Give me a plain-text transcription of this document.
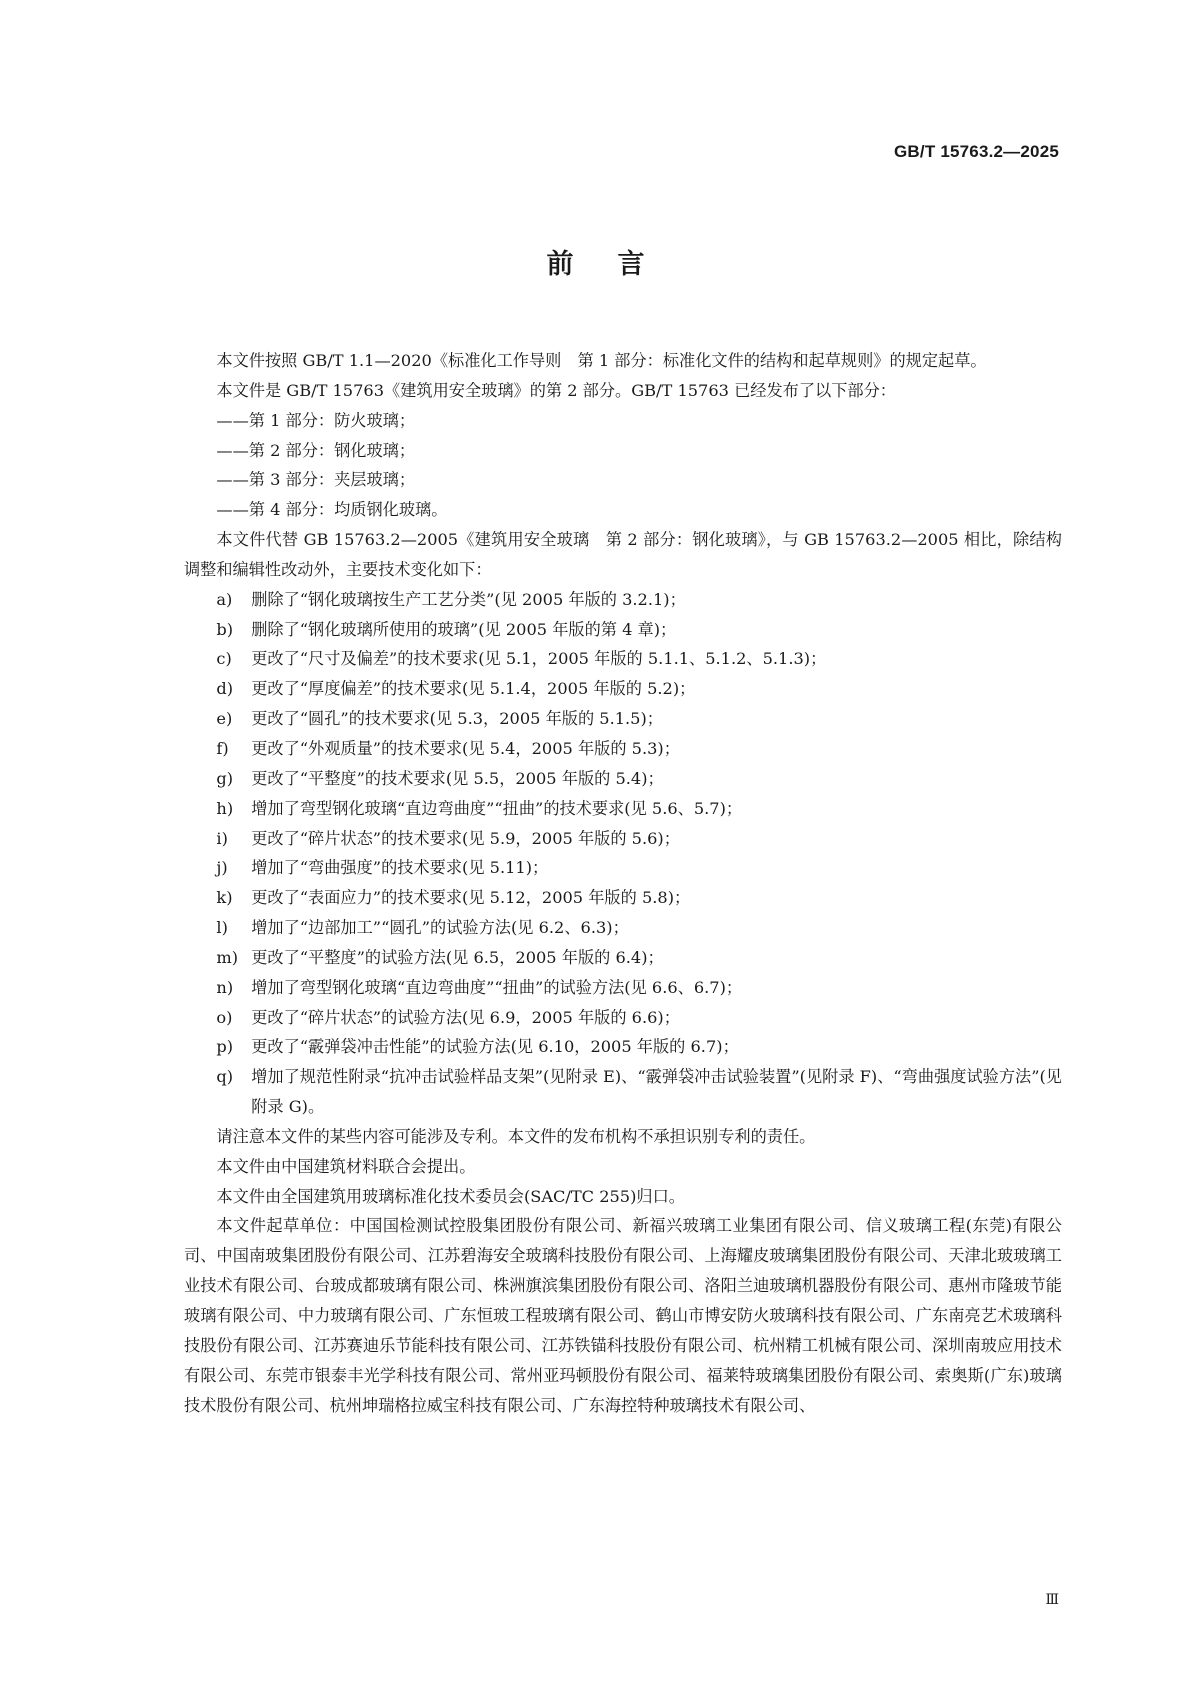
GB/T 15763.2—2025
前言

本文件按照 GB/T 1.1—2020《标准化工作导则　第 1 部分：标准化文件的结构和起草规则》的规定起草。

本文件是 GB/T 15763《建筑用安全玻璃》的第 2 部分。GB/T 15763 已经发布了以下部分：

——第 1 部分：防火玻璃；

——第 2 部分：钢化玻璃；

——第 3 部分：夹层玻璃；

——第 4 部分：均质钢化玻璃。

本文件代替 GB 15763.2—2005《建筑用安全玻璃　第 2 部分：钢化玻璃》，与 GB 15763.2—2005 相比，除结构调整和编辑性改动外，主要技术变化如下：

a)	删除了“钢化玻璃按生产工艺分类”(见 2005 年版的 3.2.1)；
b)	删除了“钢化玻璃所使用的玻璃”(见 2005 年版的第 4 章)；
c)	更改了“尺寸及偏差”的技术要求(见 5.1，2005 年版的 5.1.1、5.1.2、5.1.3)；
d)	更改了“厚度偏差”的技术要求(见 5.1.4，2005 年版的 5.2)；
e)	更改了“圆孔”的技术要求(见 5.3，2005 年版的 5.1.5)；
f)	更改了“外观质量”的技术要求(见 5.4，2005 年版的 5.3)；
g)	更改了“平整度”的技术要求(见 5.5，2005 年版的 5.4)；
h)	增加了弯型钢化玻璃“直边弯曲度”“扭曲”的技术要求(见 5.6、5.7)；
i)	更改了“碎片状态”的技术要求(见 5.9，2005 年版的 5.6)；
j)	增加了“弯曲强度”的技术要求(见 5.11)；
k)	更改了“表面应力”的技术要求(见 5.12，2005 年版的 5.8)；
l)	增加了“边部加工”“圆孔”的试验方法(见 6.2、6.3)；
m) 更改了“平整度”的试验方法(见 6.5，2005 年版的 6.4)；
n)	增加了弯型钢化玻璃“直边弯曲度”“扭曲”的试验方法(见 6.6、6.7)；
o)	更改了“碎片状态”的试验方法(见 6.9，2005 年版的 6.6)；
p)	更改了“霰弹袋冲击性能”的试验方法(见 6.10，2005 年版的 6.7)；
q)	增加了规范性附录“抗冲击试验样品支架”(见附录 E)、“霰弹袋冲击试验装置”(见附录 F)、“弯曲强度试验方法”(见附录 G)。

请注意本文件的某些内容可能涉及专利。本文件的发布机构不承担识别专利的责任。

本文件由中国建筑材料联合会提出。

本文件由全国建筑用玻璃标准化技术委员会(SAC/TC 255)归口。

本文件起草单位：中国国检测试控股集团股份有限公司、新福兴玻璃工业集团有限公司、信义玻璃工程(东莞)有限公司、中国南玻集团股份有限公司、江苏碧海安全玻璃科技股份有限公司、上海耀皮玻璃集团股份有限公司、天津北玻玻璃工业技术有限公司、台玻成都玻璃有限公司、株洲旗滨集团股份有限公司、洛阳兰迪玻璃机器股份有限公司、惠州市隆玻节能玻璃有限公司、中力玻璃有限公司、广东恒玻工程玻璃有限公司、鹤山市博安防火玻璃科技有限公司、广东南亮艺术玻璃科技股份有限公司、江苏赛迪乐节能科技有限公司、江苏铁锚科技股份有限公司、杭州精工机械有限公司、深圳南玻应用技术有限公司、东莞市银泰丰光学科技有限公司、常州亚玛顿股份有限公司、福莱特玻璃集团股份有限公司、索奥斯(广东)玻璃技术股份有限公司、杭州坤瑞格拉威宝科技有限公司、广东海控特种玻璃技术有限公司、

Ⅲ
